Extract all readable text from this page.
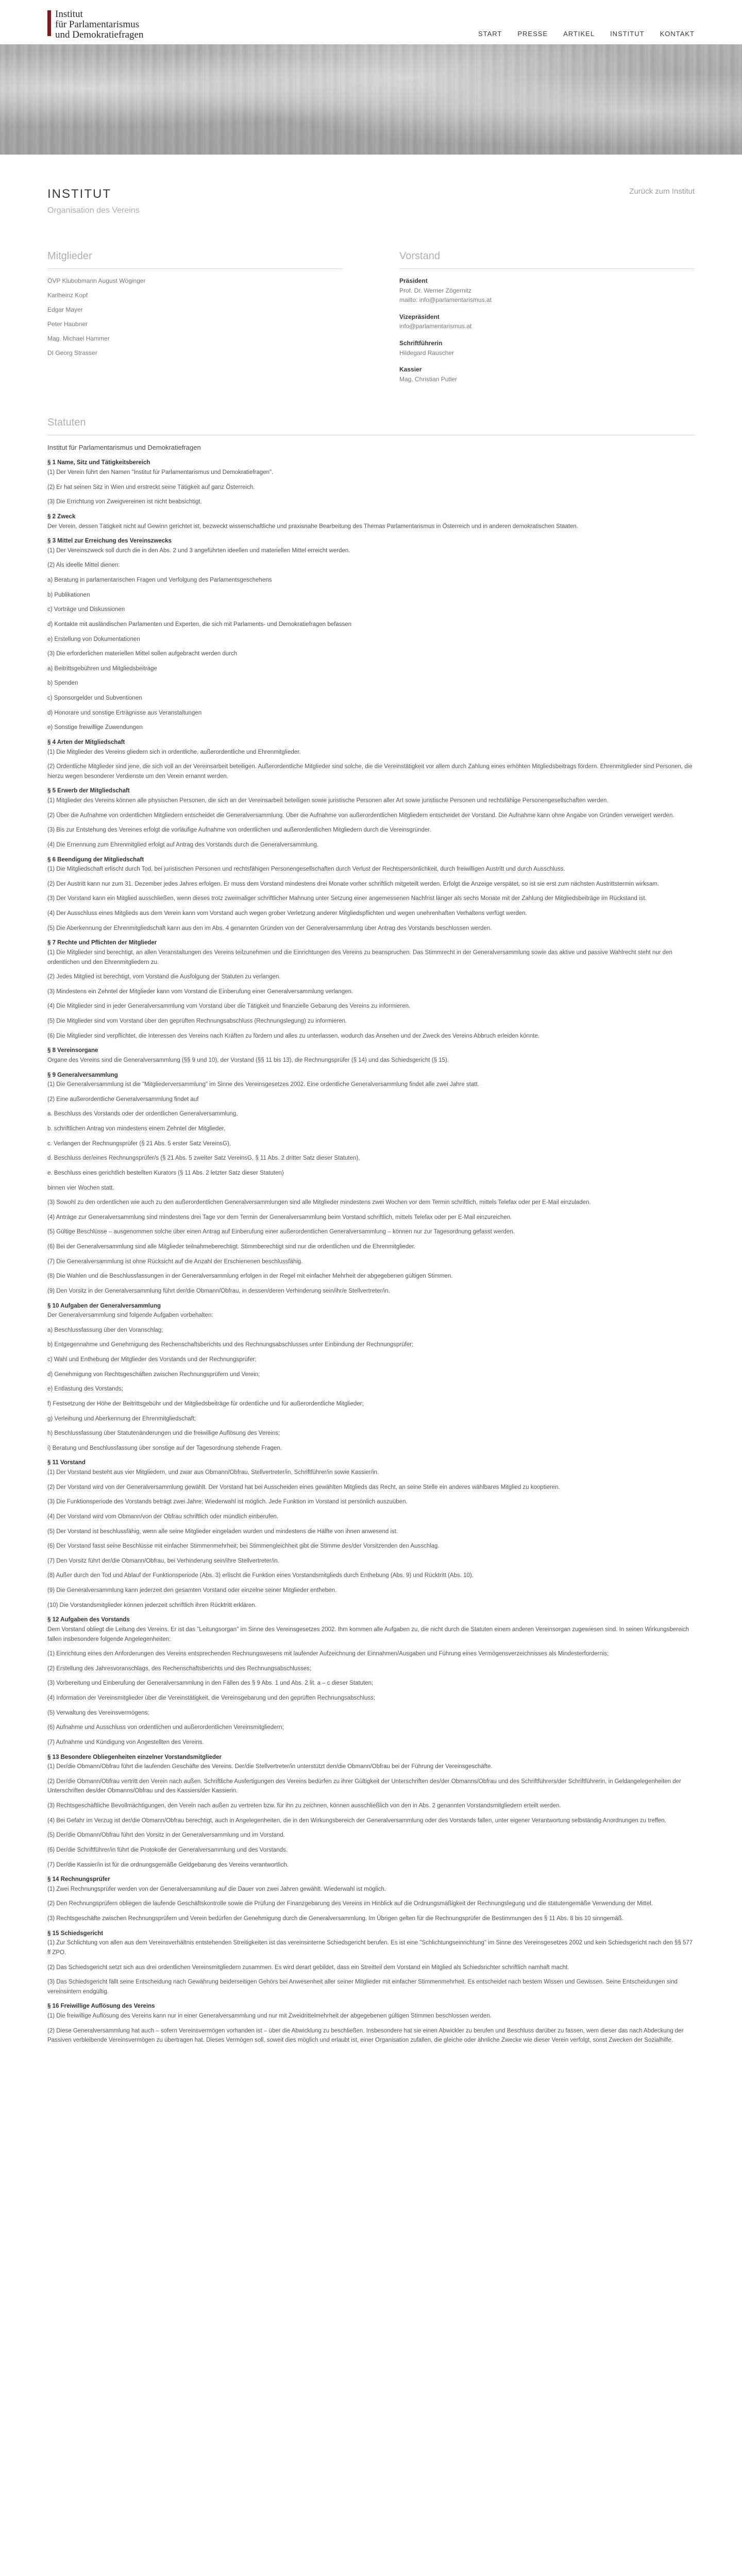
Institut
für Parlamentarismus
und Demokratiefragen	START PRESSE ARTIKEL INSTITUT KONTAKT
INSTITUT
Organisation des Vereins
Zurück zum Institut
Mitglieder
ÖVP Klubobmann August Wöginger
Karlheinz Kopf
Edgar Mayer
Peter Haubner
Mag. Michael Hammer
DI Georg Strasser
Vorstand
Präsident
Prof. Dr. Werner Zögernitz
mailto: info@parlamentarismus.at
Vizepräsident
info@parlamentarismus.at
Schriftführerin
Hildegard Rauscher
Kassier
Mag. Christian Putler
Statuten
Institut für Parlamentarismus und Demokratiefragen
§ 1 Name, Sitz und Tätigkeitsbereich

(1) Der Verein führt den Namen "Institut für Parlamentarismus und Demokratiefragen".

(2) Er hat seinen Sitz in Wien und erstreckt seine Tätigkeit auf ganz Österreich.

(3) Die Errichtung von Zweigvereinen ist nicht beabsichtigt.

§ 2 Zweck

Der Verein, dessen Tätigkeit nicht auf Gewinn gerichtet ist, bezweckt wissenschaftliche und praxisnahe Bearbeitung des Themas Parlamentarismus in Österreich und in anderen demokratischen Staaten.

§ 3 Mittel zur Erreichung des Vereinszwecks

(1) Der Vereinszweck soll durch die in den Abs. 2 und 3 angeführten ideellen und materiellen Mittel erreicht werden.

(2) Als ideelle Mittel dienen:

a) Beratung in parlamentarischen Fragen und Verfolgung des Parlamentsgeschehens

b) Publikationen

c) Vorträge und Diskussionen

d) Kontakte mit ausländischen Parlamenten und Experten, die sich mit Parlaments- und Demokratiefragen befassen

e) Erstellung von Dokumentationen

(3) Die erforderlichen materiellen Mittel sollen aufgebracht werden durch

a) Beitrittsgebühren und Mitgliedsbeiträge

b) Spenden

c) Sponsorgelder und Subventionen

d) Honorare und sonstige Erträgnisse aus Veranstaltungen

e) Sonstige freiwillige Zuwendungen

§ 4 Arten der Mitgliedschaft

(1) Die Mitglieder des Vereins gliedern sich in ordentliche, außerordentliche und Ehrenmitglieder.

(2) Ordentliche Mitglieder sind jene, die sich voll an der Vereinsarbeit beteiligen. Außerordentliche Mitglieder sind solche, die die Vereinstätigkeit vor allem durch Zahlung eines erhöhten Mitgliedsbeitrags fördern. Ehrenmitglieder sind Personen, die hierzu wegen besonderer Verdienste um den Verein ernannt werden.

§ 5 Erwerb der Mitgliedschaft

(1) Mitglieder des Vereins können alle physischen Personen, die sich an der Vereinsarbeit beteiligen sowie juristische Personen aller Art sowie juristische Personen und rechtsfähige Personengesellschaften werden.

(2) Über die Aufnahme von ordentlichen Mitgliedern entscheidet die Generalversammlung. Über die Aufnahme von außerordentlichen Mitgliedern entscheidet der Vorstand. Die Aufnahme kann ohne Angabe von Gründen verweigert werden.

(3) Bis zur Entstehung des Vereines erfolgt die vorläufige Aufnahme von ordentlichen und außerordentlichen Mitgliedern durch die Vereinsgründer.

(4) Die Ernennung zum Ehrenmitglied erfolgt auf Antrag des Vorstands durch die Generalversammlung.

§ 6 Beendigung der Mitgliedschaft

(1) Die Mitgliedschaft erlischt durch Tod, bei juristischen Personen und rechtsfähigen Personengesellschaften durch Verlust der Rechtspersönlichkeit, durch freiwilligen Austritt und durch Ausschluss.

(2) Der Austritt kann nur zum 31. Dezember jedes Jahres erfolgen. Er muss dem Vorstand mindestens drei Monate vorher schriftlich mitgeteilt werden. Erfolgt die Anzeige verspätet, so ist sie erst zum nächsten Austrittstermin wirksam.

(3) Der Vorstand kann ein Mitglied ausschließen, wenn dieses trotz zweimaliger schriftlicher Mahnung unter Setzung einer angemessenen Nachfrist länger als sechs Monate mit der Zahlung der Mitgliedsbeiträge im Rückstand ist.

(4) Der Ausschluss eines Mitglieds aus dem Verein kann vom Vorstand auch wegen grober Verletzung anderer Mitgliedspflichten und wegen unehrenhaften Verhaltens verfügt werden.

(5) Die Aberkennung der Ehrenmitgliedschaft kann aus den im Abs. 4 genannten Gründen von der Generalversammlung über Antrag des Vorstands beschlossen werden.

§ 7 Rechte und Pflichten der Mitglieder

(1) Die Mitglieder sind berechtigt, an allen Veranstaltungen des Vereins teilzunehmen und die Einrichtungen des Vereins zu beanspruchen. Das Stimmrecht in der Generalversammlung sowie das aktive und passive Wahlrecht steht nur den ordentlichen und den Ehrenmitgliedern zu.

(2) Jedes Mitglied ist berechtigt, vom Vorstand die Ausfolgung der Statuten zu verlangen.

(3) Mindestens ein Zehntel der Mitglieder kann vom Vorstand die Einberufung einer Generalversammlung verlangen.

(4) Die Mitglieder sind in jeder Generalversammlung vom Vorstand über die Tätigkeit und finanzielle Gebarung des Vereins zu informieren.

(5) Die Mitglieder sind vom Vorstand über den geprüften Rechnungsabschluss (Rechnungslegung) zu informieren.

(6) Die Mitglieder sind verpflichtet, die Interessen des Vereins nach Kräften zu fördern und alles zu unterlassen, wodurch das Ansehen und der Zweck des Vereins Abbruch erleiden könnte.

§ 8 Vereinsorgane

Organe des Vereins sind die Generalversammlung (§§ 9 und 10), der Vorstand (§§ 11 bis 13), die Rechnungsprüfer (§ 14) und das Schiedsgericht (§ 15).

§ 9 Generalversammlung

(1) Die Generalversammlung ist die "Mitgliederversammlung" im Sinne des Vereinsgesetzes 2002. Eine ordentliche Generalversammlung findet alle zwei Jahre statt.

(2) Eine außerordentliche Generalversammlung findet auf

a. Beschluss des Vorstands oder der ordentlichen Generalversammlung,

b. schriftlichen Antrag von mindestens einem Zehntel der Mitglieder,

c. Verlangen der Rechnungsprüfer (§ 21 Abs. 5 erster Satz VereinsG),

d. Beschluss der/eines Rechnungsprüfer/s (§ 21 Abs. 5 zweiter Satz VereinsG, § 11 Abs. 2 dritter Satz dieser Statuten),

e. Beschluss eines gerichtlich bestellten Kurators (§ 11 Abs. 2 letzter Satz dieser Statuten)

binnen vier Wochen statt.

(3) Sowohl zu den ordentlichen wie auch zu den außerordentlichen Generalversammlungen sind alle Mitglieder mindestens zwei Wochen vor dem Termin schriftlich, mittels Telefax oder per E-Mail einzuladen.

(4) Anträge zur Generalversammlung sind mindestens drei Tage vor dem Termin der Generalversammlung beim Vorstand schriftlich, mittels Telefax oder per E-Mail einzureichen.

(5) Gültige Beschlüsse – ausgenommen solche über einen Antrag auf Einberufung einer außerordentlichen Generalversammlung – können nur zur Tagesordnung gefasst werden.

(6) Bei der Generalversammlung sind alle Mitglieder teilnahmeberechtigt. Stimmberechtigt sind nur die ordentlichen und die Ehrenmitglieder.

(7) Die Generalversammlung ist ohne Rücksicht auf die Anzahl der Erschienenen beschlussfähig.

(8) Die Wahlen und die Beschlussfassungen in der Generalversammlung erfolgen in der Regel mit einfacher Mehrheit der abgegebenen gültigen Stimmen.

(9) Den Vorsitz in der Generalversammlung führt der/die Obmann/Obfrau, in dessen/deren Verhinderung sein/ihr/e Stellvertreter/in.

§ 10 Aufgaben der Generalversammlung

Der Generalversammlung sind folgende Aufgaben vorbehalten:

a) Beschlussfassung über den Voranschlag;

b) Entgegennahme und Genehmigung des Rechenschaftsberichts und des Rechnungsabschlusses unter Einbindung der Rechnungsprüfer;

c) Wahl und Enthebung der Mitglieder des Vorstands und der Rechnungsprüfer;

d) Genehmigung von Rechtsgeschäften zwischen Rechnungsprüfern und Verein;

e) Entlastung des Vorstands;

f) Festsetzung der Höhe der Beitrittsgebühr und der Mitgliedsbeiträge für ordentliche und für außerordentliche Mitglieder;

g) Verleihung und Aberkennung der Ehrenmitgliedschaft;

h) Beschlussfassung über Statutenänderungen und die freiwillige Auflösung des Vereins;

i) Beratung und Beschlussfassung über sonstige auf der Tagesordnung stehende Fragen.

§ 11 Vorstand

(1) Der Vorstand besteht aus vier Mitgliedern, und zwar aus Obmann/Obfrau, Stellvertreter/in, Schriftführer/in sowie Kassier/in.

(2) Der Vorstand wird von der Generalversammlung gewählt. Der Vorstand hat bei Ausscheiden eines gewählten Mitglieds das Recht, an seine Stelle ein anderes wählbares Mitglied zu kooptieren.

(3) Die Funktionsperiode des Vorstands beträgt zwei Jahre; Wiederwahl ist möglich. Jede Funktion im Vorstand ist persönlich auszuüben.

(4) Der Vorstand wird vom Obmann/von der Obfrau schriftlich oder mündlich einberufen.

(5) Der Vorstand ist beschlussfähig, wenn alle seine Mitglieder eingeladen wurden und mindestens die Hälfte von ihnen anwesend ist.

(6) Der Vorstand fasst seine Beschlüsse mit einfacher Stimmenmehrheit; bei Stimmengleichheit gibt die Stimme des/der Vorsitzenden den Ausschlag.

(7) Den Vorsitz führt der/die Obmann/Obfrau, bei Verhinderung sein/ihre Stellvertreter/in.

(8) Außer durch den Tod und Ablauf der Funktionsperiode (Abs. 3) erlischt die Funktion eines Vorstandsmitglieds durch Enthebung (Abs. 9) und Rücktritt (Abs. 10).

(9) Die Generalversammlung kann jederzeit den gesamten Vorstand oder einzelne seiner Mitglieder entheben.

(10) Die Vorstandsmitglieder können jederzeit schriftlich ihren Rücktritt erklären.

§ 12 Aufgaben des Vorstands

Dem Vorstand obliegt die Leitung des Vereins. Er ist das "Leitungsorgan" im Sinne des Vereinsgesetzes 2002. Ihm kommen alle Aufgaben zu, die nicht durch die Statuten einem anderen Vereinsorgan zugewiesen sind. In seinen Wirkungsbereich fallen insbesondere folgende Angelegenheiten:

(1) Einrichtung eines den Anforderungen des Vereins entsprechenden Rechnungswesens mit laufender Aufzeichnung der Einnahmen/Ausgaben und Führung eines Vermögensverzeichnisses als Mindesterfordernis;

(2) Erstellung des Jahresvoranschlags, des Rechenschaftsberichts und des Rechnungsabschlusses;

(3) Vorbereitung und Einberufung der Generalversammlung in den Fällen des § 9 Abs. 1 und Abs. 2 lit. a – c dieser Statuten;

(4) Information der Vereinsmitglieder über die Vereinstätigkeit, die Vereinsgebarung und den geprüften Rechnungsabschluss;

(5) Verwaltung des Vereinsvermögens;

(6) Aufnahme und Ausschluss von ordentlichen und außerordentlichen Vereinsmitgliedern;

(7) Aufnahme und Kündigung von Angestellten des Vereins.

§ 13 Besondere Obliegenheiten einzelner Vorstandsmitglieder

(1) Der/die Obmann/Obfrau führt die laufenden Geschäfte des Vereins. Der/die Stellvertreter/in unterstützt den/die Obmann/Obfrau bei der Führung der Vereinsgeschäfte.

(2) Der/die Obmann/Obfrau vertritt den Verein nach außen. Schriftliche Ausfertigungen des Vereins bedürfen zu ihrer Gültigkeit der Unterschriften des/der Obmanns/Obfrau und des Schriftführers/der Schriftführerin, in Geldangelegenheiten der Unterschriften des/der Obmanns/Obfrau und des Kassiers/der Kassierin.

(3) Rechtsgeschäftliche Bevollmächtigungen, den Verein nach außen zu vertreten bzw. für ihn zu zeichnen, können ausschließlich von den in Abs. 2 genannten Vorstandsmitgliedern erteilt werden.

(4) Bei Gefahr im Verzug ist der/die Obmann/Obfrau berechtigt, auch in Angelegenheiten, die in den Wirkungsbereich der Generalversammlung oder des Vorstands fallen, unter eigener Verantwortung selbständig Anordnungen zu treffen.

(5) Der/die Obmann/Obfrau führt den Vorsitz in der Generalversammlung und im Vorstand.

(6) Der/die Schriftführer/in führt die Protokolle der Generalversammlung und des Vorstands.

(7) Der/die Kassier/in ist für die ordnungsgemäße Geldgebarung des Vereins verantwortlich.

§ 14 Rechnungsprüfer

(1) Zwei Rechnungsprüfer werden von der Generalversammlung auf die Dauer von zwei Jahren gewählt. Wiederwahl ist möglich.

(2) Den Rechnungsprüfern obliegen die laufende Geschäftskontrolle sowie die Prüfung der Finanzgebarung des Vereins im Hinblick auf die Ordnungsmäßigkeit der Rechnungslegung und die statutengemäße Verwendung der Mittel.

(3) Rechtsgeschäfte zwischen Rechnungsprüfern und Verein bedürfen der Genehmigung durch die Generalversammlung. Im Übrigen gelten für die Rechnungsprüfer die Bestimmungen des § 11 Abs. 8 bis 10 sinngemäß.

§ 15 Schiedsgericht

(1) Zur Schlichtung von allen aus dem Vereinsverhältnis entstehenden Streitigkeiten ist das vereinsinterne Schiedsgericht berufen. Es ist eine "Schlichtungseinrichtung" im Sinne des Vereinsgesetzes 2002 und kein Schiedsgericht nach den §§ 577 ff ZPO.

(2) Das Schiedsgericht setzt sich aus drei ordentlichen Vereinsmitgliedern zusammen. Es wird derart gebildet, dass ein Streitteil dem Vorstand ein Mitglied als Schiedsrichter schriftlich namhaft macht.

(3) Das Schiedsgericht fällt seine Entscheidung nach Gewährung beiderseitigen Gehörs bei Anwesenheit aller seiner Mitglieder mit einfacher Stimmenmehrheit. Es entscheidet nach bestem Wissen und Gewissen. Seine Entscheidungen sind vereinsintern endgültig.

§ 16 Freiwillige Auflösung des Vereins

(1) Die freiwillige Auflösung des Vereins kann nur in einer Generalversammlung und nur mit Zweidrittelmehrheit der abgegebenen gültigen Stimmen beschlossen werden.

(2) Diese Generalversammlung hat auch – sofern Vereinsvermögen vorhanden ist – über die Abwicklung zu beschließen. Insbesondere hat sie einen Abwickler zu berufen und Beschluss darüber zu fassen, wem dieser das nach Abdeckung der Passiven verbleibende Vereinsvermögen zu übertragen hat. Dieses Vermögen soll, soweit dies möglich und erlaubt ist, einer Organisation zufallen, die gleiche oder ähnliche Zwecke wie dieser Verein verfolgt, sonst Zwecken der Sozialhilfe.
